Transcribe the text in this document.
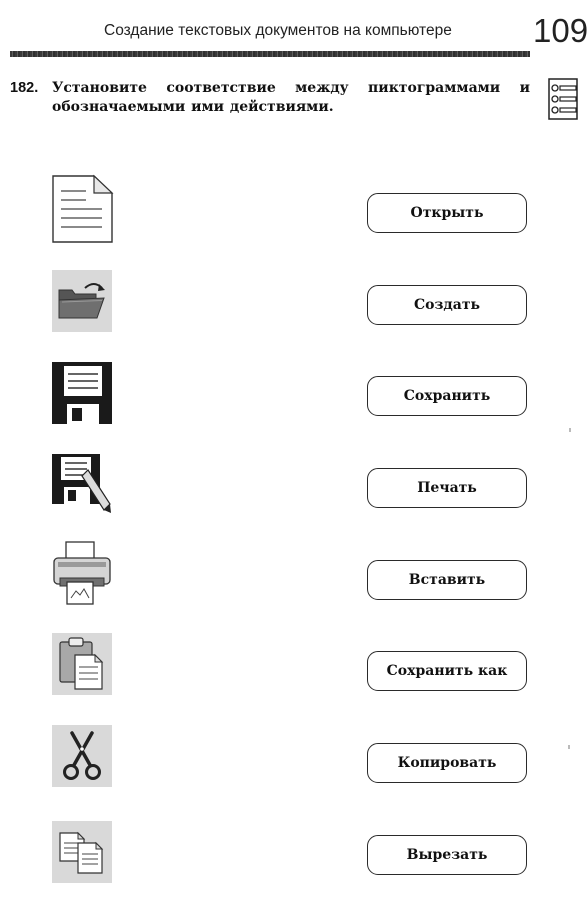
Создание текстовых документов на компьютере 109
182. Установите соответствие между пиктограммами и обозначаемыми ими действиями.
Открыть
Создать
Сохранить
Печать
Вставить
Сохранить как
Копировать
Вырезать
